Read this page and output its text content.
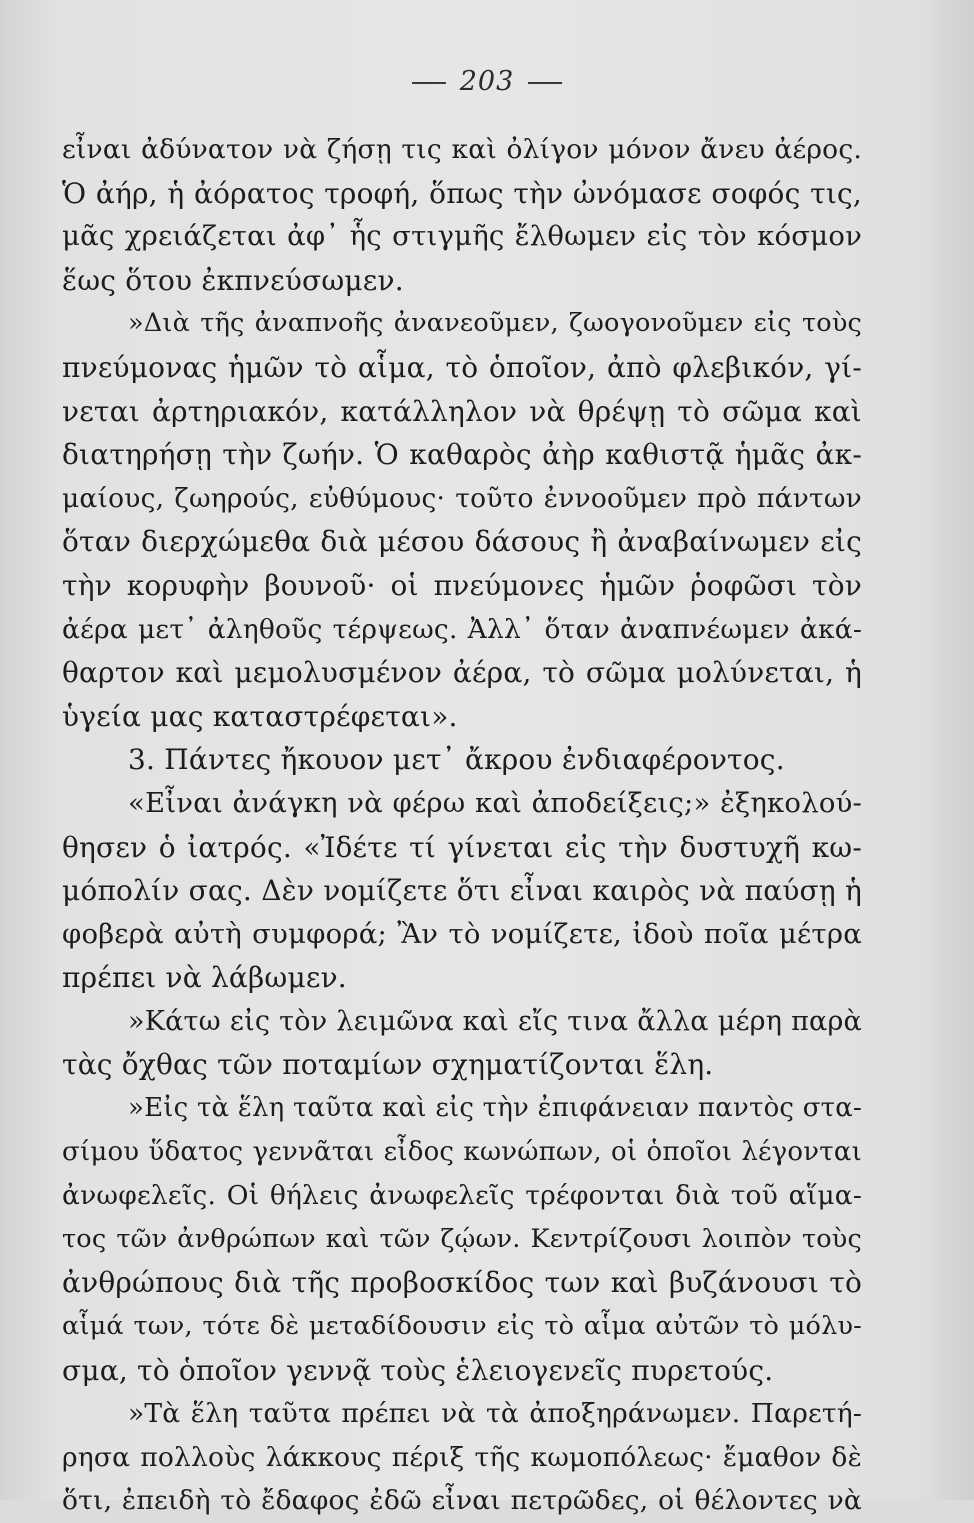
203
εἶναι ἀδύνατον νὰ ζήσῃ τις καὶ ὀλίγον μόνον ἄνευ ἀέρος.
Ὁ ἀήρ, ἡ ἀόρατος τροφή, ὅπως τὴν ὠνόμασε σοφός τις,
μᾶς χρειάζεται ἀφ᾿ ἧς στιγμῆς ἔλθωμεν εἰς τὸν κόσμον
ἕως ὅτου ἐκπνεύσωμεν.
»Διὰ τῆς ἀναπνοῆς ἀνανεοῦμεν, ζωογονοῦμεν εἰς τοὺς
πνεύμονας ἡμῶν τὸ αἷμα, τὸ ὁποῖον, ἀπὸ φλεβικόν, γί-
νεται ἀρτηριακόν, κατάλληλον νὰ θρέψῃ τὸ σῶμα καὶ
διατηρήσῃ τὴν ζωήν. Ὁ καθαρὸς ἀὴρ καθιστᾷ ἡμᾶς ἀκ-
μαίους, ζωηρούς, εὐθύμους· τοῦτο ἐννοοῦμεν πρὸ πάντων
ὅταν διερχώμεθα διὰ μέσου δάσους ἢ ἀναβαίνωμεν εἰς
τὴν κορυφὴν βουνοῦ· οἱ πνεύμονες ἡμῶν ῥοφῶσι τὸν
ἀέρα μετ᾿ ἀληθοῦς τέρψεως. Ἀλλ᾿ ὅταν ἀναπνέωμεν ἀκά-
θαρτον καὶ μεμολυσμένον ἀέρα, τὸ σῶμα μολύνεται, ἡ
ὑγεία μας καταστρέφεται».
3. Πάντες ἤκουον μετ᾿ ἄκρου ἐνδιαφέροντος.
«Εἶναι ἀνάγκη νὰ φέρω καὶ ἀποδείξεις;» ἐξηκολού-
θησεν ὁ ἰατρός. «Ἰδέτε τί γίνεται εἰς τὴν δυστυχῆ κω-
μόπολίν σας. Δὲν νομίζετε ὅτι εἶναι καιρὸς νὰ παύσῃ ἡ
φοβερὰ αὐτὴ συμφορά; Ἂν τὸ νομίζετε, ἰδοὺ ποῖα μέτρα
πρέπει νὰ λάβωμεν.
»Κάτω εἰς τὸν λειμῶνα καὶ εἴς τινα ἄλλα μέρη παρὰ
τὰς ὄχθας τῶν ποταμίων σχηματίζονται ἕλη.
»Εἰς τὰ ἕλη ταῦτα καὶ εἰς τὴν ἐπιφάνειαν παντὸς στα-
σίμου ὕδατος γεννᾶται εἶδος κωνώπων, οἱ ὁποῖοι λέγονται
ἀνωφελεῖς. Οἱ θήλεις ἀνωφελεῖς τρέφονται διὰ τοῦ αἵμα-
τος τῶν ἀνθρώπων καὶ τῶν ζῴων. Κεντρίζουσι λοιπὸν τοὺς
ἀνθρώπους διὰ τῆς προβοσκίδος των καὶ βυζάνουσι τὸ
αἷμά των, τότε δὲ μεταδίδουσιν εἰς τὸ αἷμα αὐτῶν τὸ μόλυ-
σμα, τὸ ὁποῖον γεννᾷ τοὺς ἑλειογενεῖς πυρετούς.
»Τὰ ἕλη ταῦτα πρέπει νὰ τὰ ἀποξηράνωμεν. Παρετή-
ρησα πολλοὺς λάκκους πέριξ τῆς κωμοπόλεως· ἔμαθον δὲ
ὅτι, ἐπειδὴ τὸ ἔδαφος ἐδῶ εἶναι πετρῶδες, οἱ θέλοντες νὰ
